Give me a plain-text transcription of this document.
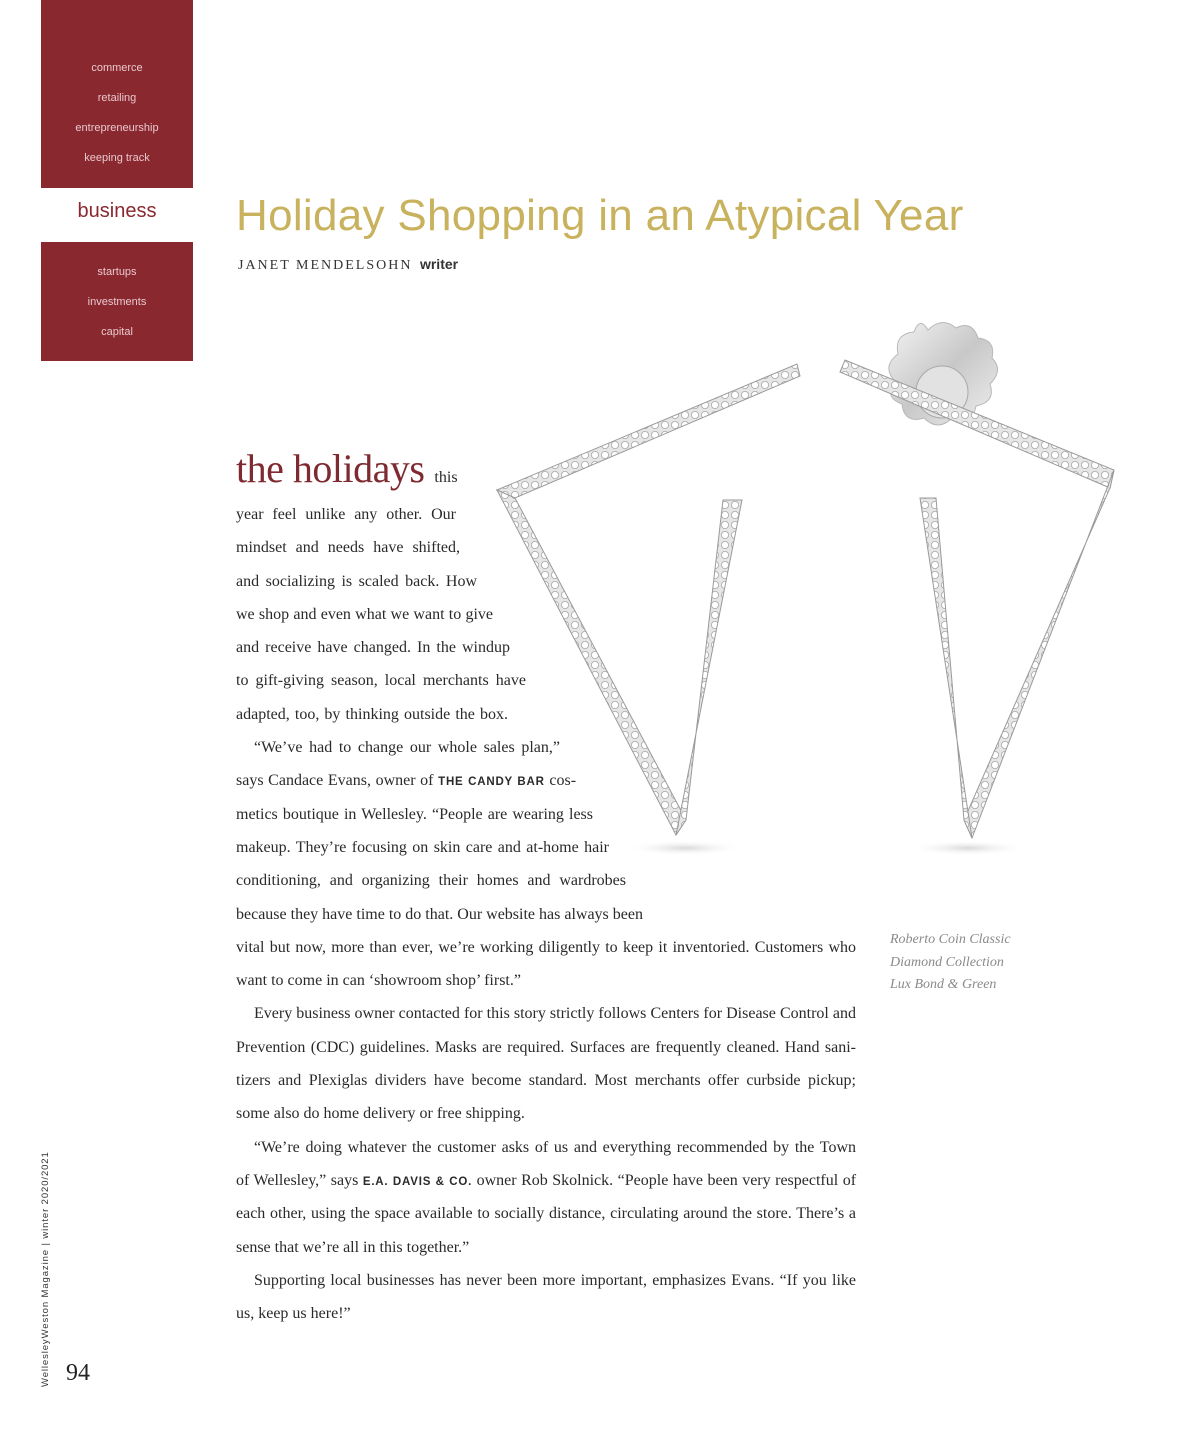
commerce
retailing
entrepreneurship
keeping track
business
startups
investments
capital
Holiday Shopping in an Atypical Year
JANET MENDELSOHN writer
the holidays this
year feel unlike any other. Our
mindset and needs have shifted,
and socializing is scaled back. How
we shop and even what we want to give
and receive have changed. In the windup
to gift-giving season, local merchants have
adapted, too, by thinking outside the box.
“We’ve had to change our whole sales plan,”
says Candace Evans, owner of THE CANDY BAR cos-
metics boutique in Wellesley. “People are wearing less
makeup. They’re focusing on skin care and at-home hair
conditioning, and organizing their homes and wardrobes
because they have time to do that. Our website has always been
vital but now, more than ever, we’re working diligently to keep it inventoried. Customers who
want to come in can ‘showroom shop’ first.”
Every business owner contacted for this story strictly follows Centers for Disease Control and
Prevention (CDC) guidelines. Masks are required. Surfaces are frequently cleaned. Hand sani-
tizers and Plexiglas dividers have become standard. Most merchants offer curbside pickup;
some also do home delivery or free shipping.
“We’re doing whatever the customer asks of us and everything recommended by the Town
of Wellesley,” says E.A. DAVIS & CO. owner Rob Skolnick. “People have been very respectful of
each other, using the space available to socially distance, circulating around the store. There’s a
sense that we’re all in this together.”
Supporting local businesses has never been more important, emphasizes Evans. “If you like
us, keep us here!”
Roberto Coin Classic
Diamond Collection
Lux Bond & Green
WellesleyWeston Magazine | winter 2020/2021 94
